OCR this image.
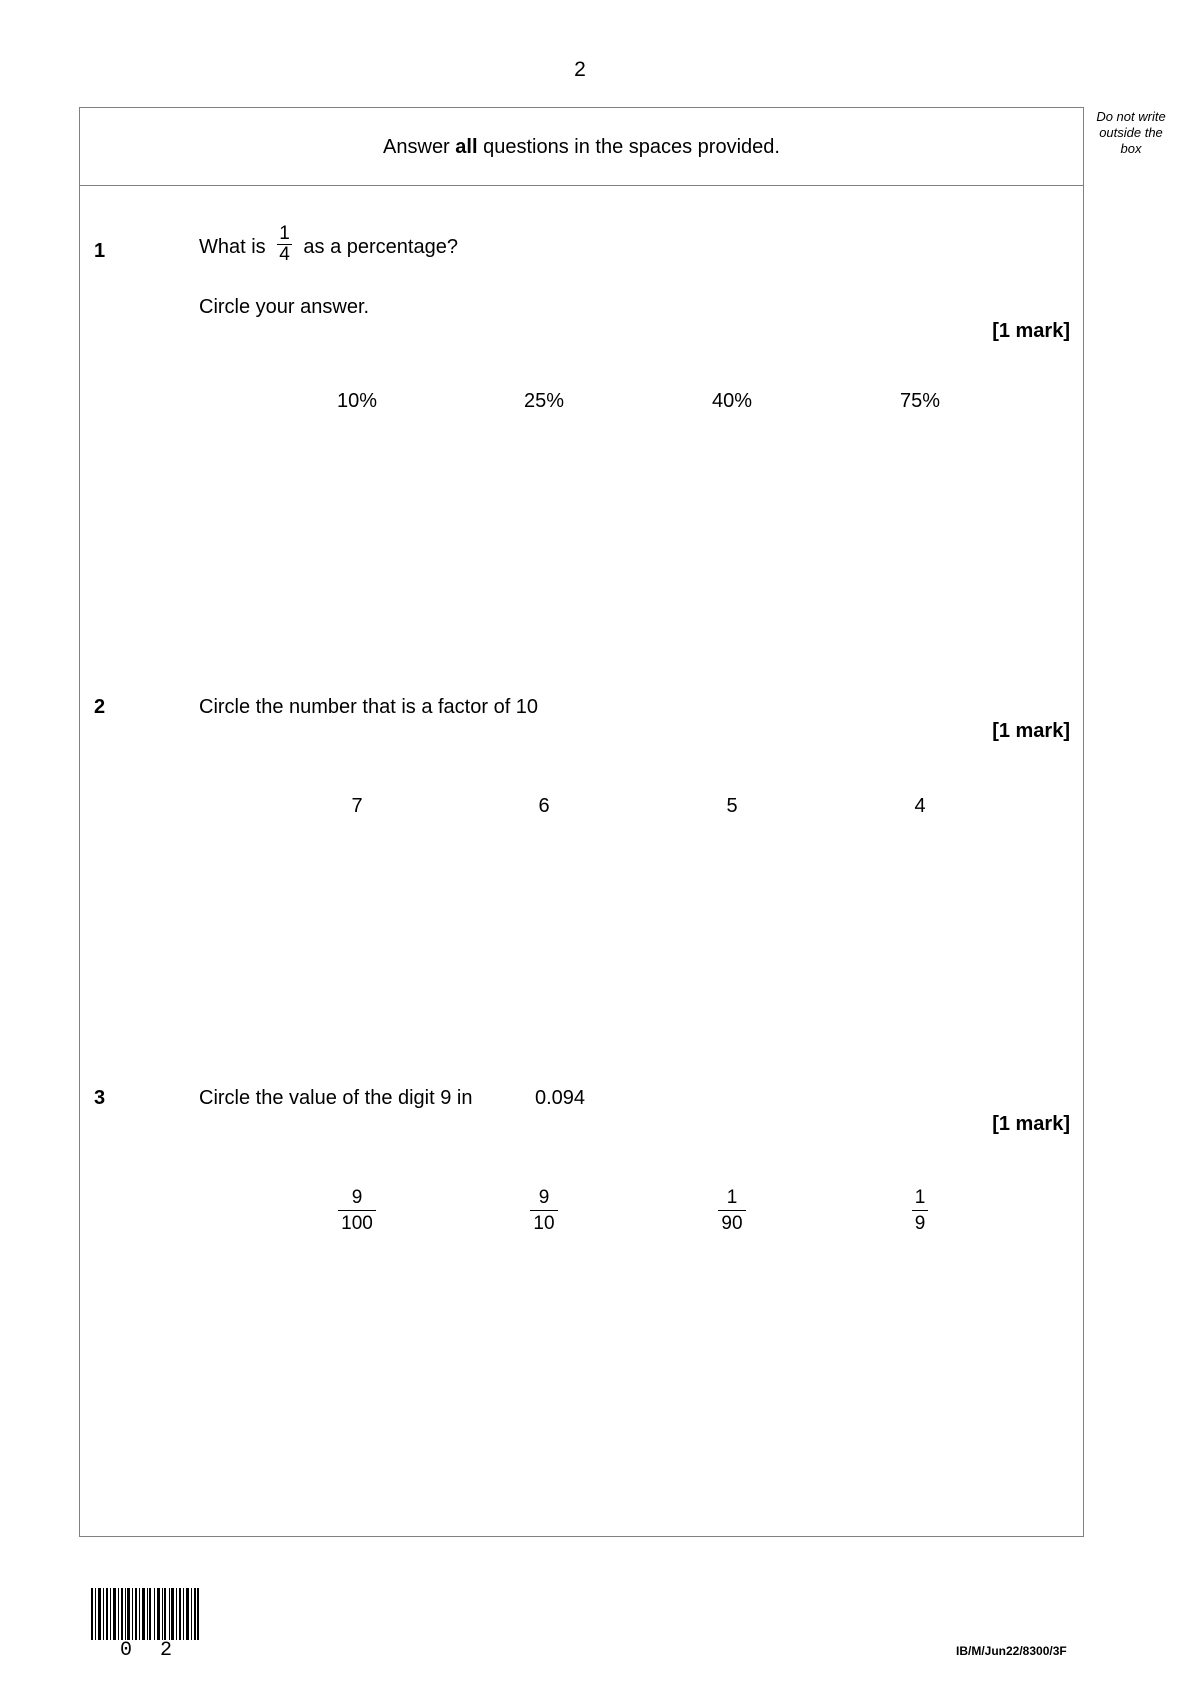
2
Do not write
outside the
box
Answer all questions in the spaces provided.
1	What is $\frac{1}{4}$ as a percentage?
Circle your answer.
[1 mark]
10%	25%	40%	75%
2	Circle the number that is a factor of 10
[1 mark]
7	6	5	4
3	Circle the value of the digit 9 in	0.094
[1 mark]
$\frac{9}{100}$	$\frac{9}{10}$	$\frac{1}{90}$	$\frac{1}{9}$
0 2	IB/M/Jun22/8300/3F
